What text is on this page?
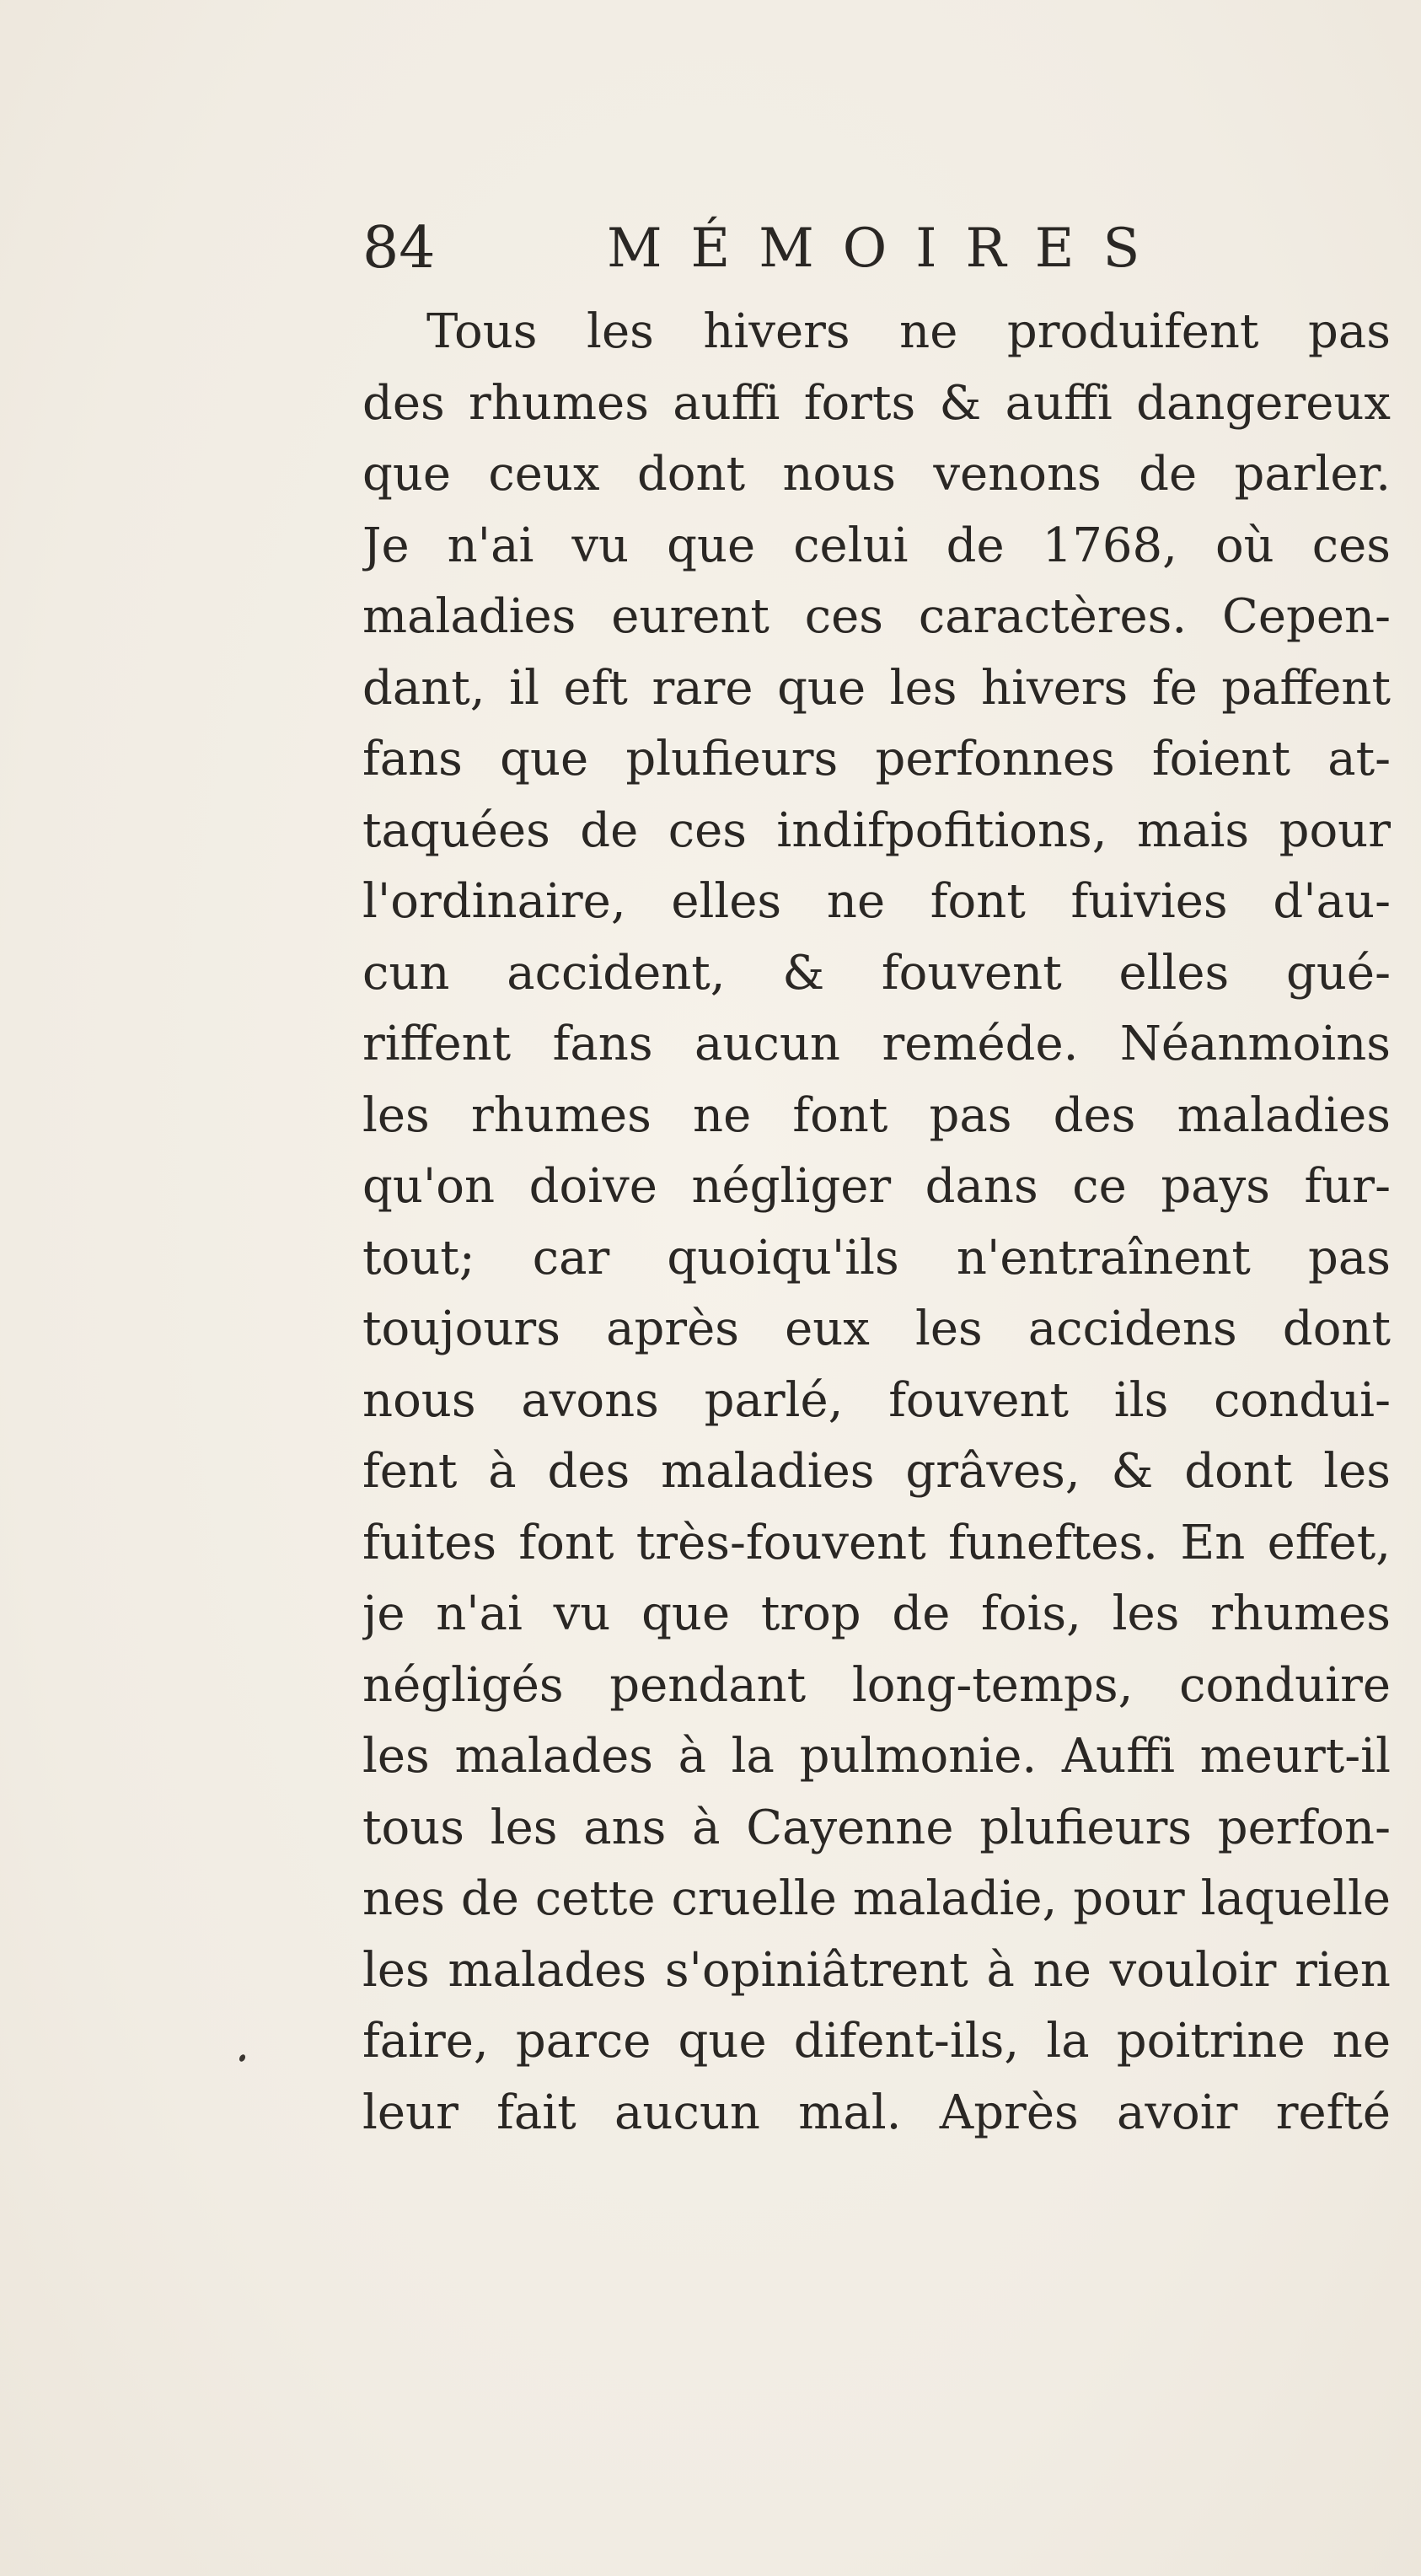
84	MÉMOIRES
Tous les hivers ne produifent pas
des rhumes auffi forts & auffi dangereux
que ceux dont nous venons de parler.
Je n'ai vu que celui de 1768, où ces
maladies eurent ces caractères. Cepen-
dant, il eft rare que les hivers fe paffent
fans que plufieurs perfonnes foient at-
taquées de ces indifpofitions, mais pour
l'ordinaire, elles ne font fuivies d'au-
cun accident, & fouvent elles gué-
riffent fans aucun reméde. Néanmoins
les rhumes ne font pas des maladies
qu'on doive négliger dans ce pays fur-
tout; car quoiqu'ils n'entraînent pas
toujours après eux les accidens dont
nous avons parlé, fouvent ils condui-
fent à des maladies grâves, & dont les
fuites font très-fouvent funeftes. En effet,
je n'ai vu que trop de fois, les rhumes
négligés pendant long-temps, conduire
les malades à la pulmonie. Auffi meurt-il
tous les ans à Cayenne plufieurs perfon-
nes de cette cruelle maladie, pour laquelle
les malades s'opiniâtrent à ne vouloir rien
faire, parce que difent-ils, la poitrine ne
leur fait aucun mal. Après avoir refté
